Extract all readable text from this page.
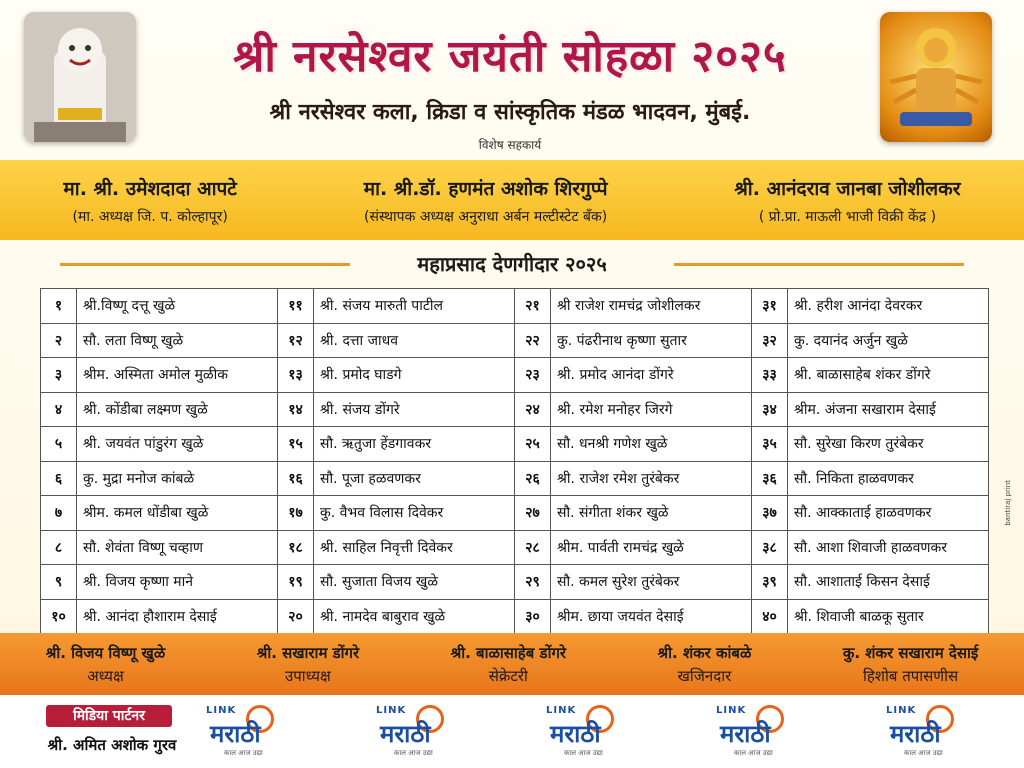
श्री नरसेश्वर जयंती सोहळा २०२५
श्री नरसेश्वर कला, क्रिडा व सांस्कृतिक मंडळ भादवन, मुंबई.
विशेष सहकार्य
मा. श्री. उमेशदादा आपटे
(मा. अध्यक्ष जि. प. कोल्हापूर)
मा. श्री.डॉ. हणमंत अशोक शिरगुप्पे
(संस्थापक अध्यक्ष अनुराधा अर्बन मल्टीस्टेट बँक)
श्री. आनंदराव जानबा जोशीलकर
( प्रो.प्रा. माऊली भाजी विक्री केंद्र )
महाप्रसाद देणगीदार २०२५
१	श्री.विष्णू दत्तू खुळे	११	श्री. संजय मारुती पाटील	२१	श्री राजेश रामचंद्र जोशीलकर	३१	श्री. हरीश आनंदा देवरकर
२	सौ. लता विष्णू खुळे	१२	श्री. दत्ता जाधव	२२	कु. पंढरीनाथ कृष्णा सुतार	३२	कु. दयानंद अर्जुन खुळे
३	श्रीम. अस्मिता अमोल मुळीक	१३	श्री. प्रमोद घाडगे	२३	श्री. प्रमोद आनंदा डोंगरे	३३	श्री. बाळासाहेब शंकर डोंगरे
४	श्री. कोंडीबा लक्ष्मण खुळे	१४	श्री. संजय डोंगरे	२४	श्री. रमेश मनोहर जिरगे	३४	श्रीम. अंजना सखाराम देसाई
५	श्री. जयवंत पांडुरंग खुळे	१५	सौ. ऋतुजा हेंडगावकर	२५	सौ. धनश्री गणेश खुळे	३५	सौ. सुरेखा किरण तुरंबेकर
६	कु. मुद्रा मनोज कांबळे	१६	सौ. पूजा हळवणकर	२६	श्री. राजेश रमेश तुरंबेकर	३६	सौ. निकिता हाळवणकर
७	श्रीम. कमल धोंडीबा खुळे	१७	कु. वैभव विलास दिवेकर	२७	सौ. संगीता शंकर खुळे	३७	सौ. आक्काताई हाळवणकर
८	सौ. शेवंता विष्णू चव्हाण	१८	श्री. साहिल निवृत्ती दिवेकर	२८	श्रीम. पार्वती रामचंद्र खुळे	३८	सौ. आशा शिवाजी हाळवणकर
९	श्री. विजय कृष्णा माने	१९	सौ. सुजाता विजय खुळे	२९	सौ. कमल सुरेश तुरंबेकर	३९	सौ. आशाताई किसन देसाई
१०	श्री. आनंदा हौशाराम देसाई	२०	श्री. नामदेव बाबुराव खुळे	३०	श्रीम. छाया जयवंत देसाई	४०	श्री. शिवाजी बाळकू सुतार
श्री. विजय विष्णू खुळे
अध्यक्ष
श्री. सखाराम डोंगरे
उपाध्यक्ष
श्री. बाळासाहेब डोंगरे
सेक्रेटरी
श्री. शंकर कांबळे
खजिनदार
कु. शंकर सखाराम देसाई
हिशोब तपासणीस
मिडिया पार्टनर
श्री. अमित अशोक गुरव
LINK
मराठी
काल आज उद्या
LINK
मराठी
काल आज उद्या
LINK
मराठी
काल आज उद्या
LINK
मराठी
काल आज उद्या
LINK
मराठी
काल आज उद्या
bantiraj print
